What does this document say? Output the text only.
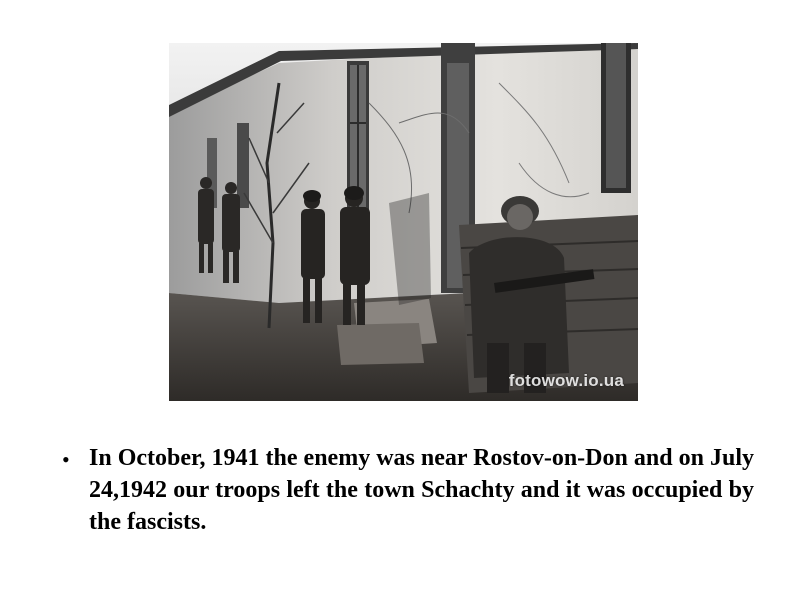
fotowow.io.ua
• In October, 1941 the enemy was near Rostov-on-Don and on July 24,1942 our troops left the town Schachty and it was occupied by the fascists.
